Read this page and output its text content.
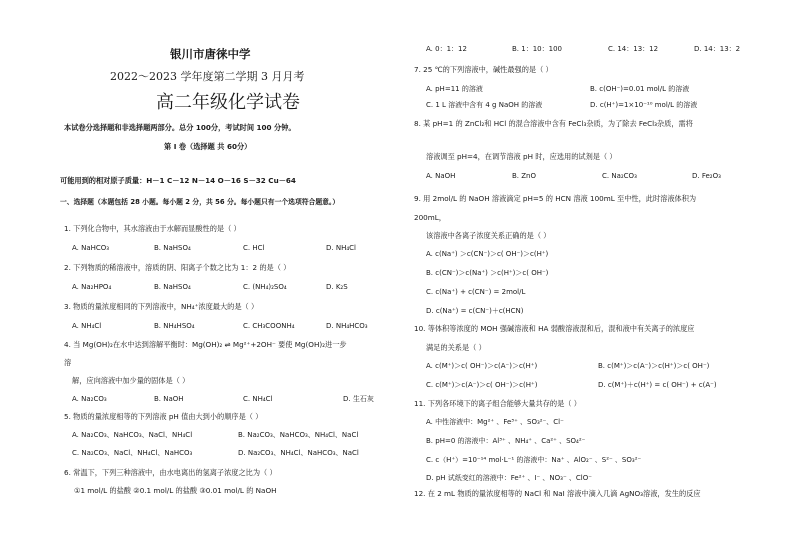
银川市唐徕中学
2022～2023 学年度第二学期 3 月月考
高二年级化学试卷
本试卷分选择题和非选择题两部分。总分 100分，考试时间 100 分钟。
第 I 卷（选择题 共 60分）
可能用到的相对原子质量：H－1 C－12 N－14 O－16 S－32 Cu－64
一、选择题（本题包括 28 小题。每小题 2 分，共 56 分。每小题只有一个选项符合题意。）
1. 下列化合物中，其水溶液由于水解而显酸性的是（ ）
A. NaHCO₃	B. NaHSO₄	C. HCl	D. NH₄Cl
2. 下列物质的稀溶液中，溶质的阴、阳离子个数之比为 1：2 的是（ ）
A. Na₂HPO₄	B. NaHSO₄	C. (NH₄)₂SO₄	D. K₂S
3. 物质的量浓度相同的下列溶液中，NH₄⁺浓度最大的是（ ）
A. NH₄Cl	B. NH₄HSO₄	C. CH₃COONH₄	D. NH₄HCO₃
4. 当 Mg(OH)₂在水中达到溶解平衡时：Mg(OH)₂ ⇌ Mg²⁺+2OH⁻ 要使 Mg(OH)₂进一步
溶
解，应向溶液中加少量的固体是（ ）
A. Na₂CO₃	B. NaOH	C. NH₄Cl	D. 生石灰
5. 物质的量浓度相等的下列溶液 pH 值由大到小的顺序是（ ）
A. Na₂CO₃、NaHCO₃、NaCl、NH₄Cl	B. Na₂CO₃、NaHCO₃、NH₄Cl、NaCl
C. Na₂CO₃、NaCl、NH₄Cl、NaHCO₃	D. Na₂CO₃、NH₄Cl、NaHCO₃、NaCl
6. 常温下，下列三种溶液中，由水电离出的氢离子浓度之比为（ ）
①1 mol/L 的盐酸 ②0.1 mol/L 的盐酸 ③0.01 mol/L 的 NaOH
A. 0：1：12	B. 1：10：100	C. 14：13：12	D. 14：13：2
7. 25 ℃的下列溶液中，碱性最强的是（ ）
A. pH=11 的溶液	B. c(OH⁻)=0.01 mol/L 的溶液
C. 1 L 溶液中含有 4 g NaOH 的溶液	D. c(H⁺)=1×10⁻¹⁰ mol/L 的溶液
8. 某 pH=1 的 ZnCl₂和 HCl 的混合溶液中含有 FeCl₃杂质，为了除去 FeCl₃杂质，需将
溶液调至 pH=4，在调节溶液 pH 时，应选用的试剂是（ ）
A. NaOH	B. ZnO	C. Na₂CO₃	D. Fe₂O₃
9. 用 2mol/L 的 NaOH 溶液滴定 pH=5 的 HCN 溶液 100mL 至中性，此时溶液体积为
200mL，
该溶液中各离子浓度关系正确的是（ ）
A. c(Na⁺) ＞c(CN⁻)＞c( OH⁻)＞c(H⁺)
B. c(CN⁻)＞c(Na⁺) ＞c(H⁺)＞c( OH⁻)
C. c(Na⁺) + c(CN⁻) = 2mol/L
D. c(Na⁺) = c(CN⁻)＋c(HCN)
10. 等体积等浓度的 MOH 强碱溶液和 HA 弱酸溶液混和后，混和液中有关离子的浓度应
满足的关系是（ ）
A. c(M⁺)＞c( OH⁻)＞c(A⁻)＞c(H⁺)	B. c(M⁺)＞c(A⁻)＞c(H⁺)＞c( OH⁻)
C. c(M⁺)＞c(A⁻)＞c( OH⁻)＞c(H⁺)	D. c(M⁺)＋c(H⁺) = c( OH⁻) + c(A⁻)
11. 下列各环境下的离子组合能够大量共存的是（ ）
A. 中性溶液中：Mg²⁺ 、Fe³⁺ 、SO₃²⁻、Cl⁻
B. pH=0 的溶液中：Al³⁺ 、NH₄⁺ 、Ca²⁺ 、SO₄²⁻
C. c（H⁺）=10⁻¹⁴ mol·L⁻¹ 的溶液中：Na⁺ 、AlO₂⁻ 、S²⁻ 、SO₃²⁻
D. pH 试纸变红的溶液中：Fe²⁺ 、I⁻ 、NO₃⁻ 、ClO⁻
12. 在 2 mL 物质的量浓度相等的 NaCl 和 NaI 溶液中滴入几滴 AgNO₃溶液，发生的反应
